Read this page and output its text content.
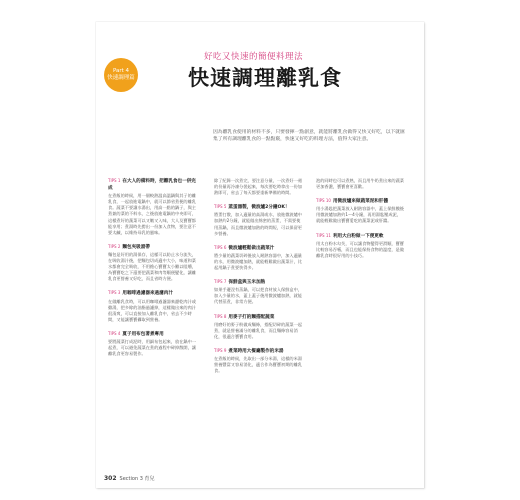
Part 4
快速調理篇
好吃又快速的簡便料理法
快速調理離乳食

因為離乳食使用的材料不多，只要發揮一點創意，就能將離乳食做得又快又好吃，以下就匯集了所有調理離乳食的一點點竅，快速又好吃的料理方法，值得大家注意。

TIPS 1 在大人的備料時，把離乳食也一併完成

在煮飯的時候，用一個較熱溫高溫鍋與其子的離乳食，一起放進電鍋中，就可以節省煮便的離乳食。蔬菜不要讓水湯出，用高一點的鍋子，與主煮兼的菜的不料水，之後放進電鍋的中央即可，這樣煮好的蔬菜可以又嫩又入味，大人及寶寶都能享用；煮湯時先撈出一份加入食物，要注意不要太鹹，以維持母乳的風味。

TIPS 2 麵包夾吸湯帶

麵包是好用的湯保存，這樣可以防止水分流失，在吸收湯汁後，把麵包切成適中大小，味道和菜水都會完全吸收，不用擔心寶寶太小難以咀嚼，為寶寶吃之下還要把蔬菜和肉等順便變化，讓離乳食更營養又好吃，而且省時方便。

TIPS 3 用咖啡過濾器來過濾肉汁

在做離乳食時，可以用咖啡過濾器來瀝乾肉汁或雞湯，把多餘的油脂過濾掉，這樣做出來的肉汁很清爽，可以直接加入離乳食中，省去不少時間，又能讓寶寶攝取到營養。

TIPS 4 夏子用布包著煮專用

要將蔬菜打成泥時，用細布包起來，放在鍋中一起煮，可以避免蔬菜在煮的過程中碎掉散開，讓離乳食更容易製作。

除了紀錄一次煮完，要注意分量，一次煮好一週的份量再冷凍分裝起來，每次要吃時拿出一份加熱即可，省去了每天都要重新準備的時間。

TIPS 5 蒸蛋器製，微波爐2分鐘OK！

將蛋打散，加入適量的高湯或水，放進微波爐中加熱約2分鐘，就能做出綿密的蒸蛋，不需要使用蒸鍋，而且微波爐加熱的時間短，可以保留更多營養。

TIPS 6 微波爐輕鬆做出蔬菜汁

將少量的蔬菜切碎後放入耐熱容器中，加入適量的水，用微波爐加熱，就能輕鬆做出蔬菜汁，比起用鍋子煮要快得多。

TIPS 7 保鮮盒與玉米加熱

如果手邊沒有蒸鍋，可以把食材放入保鮮盒中，加入少量的水，蓋上蓋子後用微波爐加熱，就能代替蒸煮，非常方便。

TIPS 8 用麥子打的麵搭配蔬菜

用磨好的麥子粉做成麵條，搭配切碎的蔬菜一起煮，就是營養滿分的離乳食，而且麵條容易消化，很適合寶寶食用。

TIPS 9 煮菜時用大餐廳製作的米湯

在煮飯的時候，先取出一部分米湯，這樣的米湯營養豐富又容易消化，適合作為寶寶初期的離乳食。

泡的同時也可以煮熟，而且用牛奶煮出來的蔬菜更加香濃，寶寶會更喜歡。

TIPS 10 用微波爐來做蔬菜泥和肝醬

用小湯匙把蔬菜放入耐熱容器中，蓋上保鮮膜後用微波爐加熱約1～4分鐘，再用湯匙壓成泥，就能輕鬆做出寶寶愛吃的蔬菜泥或肝醬。

TIPS 11 利用大白粉做一下便更軟

用太白粉水勾芡，可以讓食物變得更滑順，寶寶比較容易吞嚥，而且也能保持食物的溫度，是做離乳食時很好用的小技巧。

302 Section 3 育兒
